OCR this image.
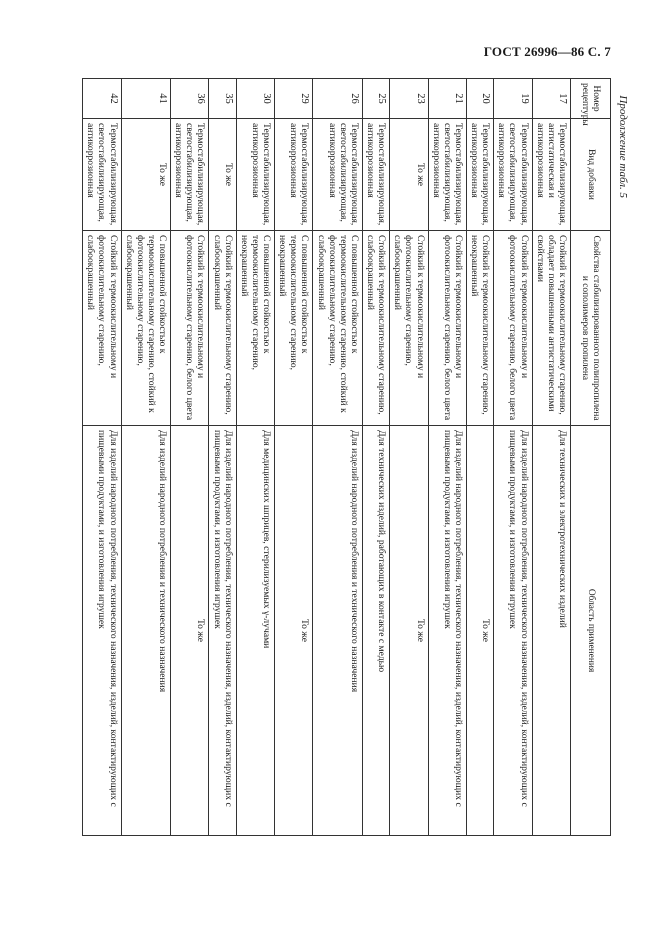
ГОСТ 26996—86 С. 7
Продолжение табл. 5
Номер рецептуры	Вид добавки	Свойства стабилизированного полипропилена и сополимеров пропилена	Область применения
17	Термостабилизирующая, антистатическая и антикоррозионная	Стойкий к термоокислительному старению, обладает повышенными антистатическими свойствами	Для технических и электротехнических изделий
19	Термостабилизирующая, светостабилизирующая, антикоррозионная	Стойкий к термоокислительному и фотоокислительному старению, белого цвета	Для изделий народного потребления, технического назначения, изделий, контактирующих с пищевыми продуктами, и изготовления игрушек
20	Термостабилизирующая, антикоррозионная	Стойкий к термоокислительному старению, неокрашенный	То же
21	Термостабилизирующая, светостабилизирующая, антикоррозионная	Стойкий к термоокислительному и фотоокислительному старению, белого цвета	Для изделий народного потребления, технического назначения, изделий, контактирующих с пищевыми продуктами, и изготовления игрушек
23	То же	Стойкий к термоокислительному и фотоокислительному старению, слабоокрашенный	То же
25	Термостабилизирующая, антикоррозионная	Стойкий к термоокислительному старению, слабоокрашенный	Для технических изделий, работающих в контакте с медью
26	Термостабилизирующая, светостабилизирующая, антикоррозионная	С повышенной стойкостью к термоокислительному старению, стойкий к фотоокислительному старению, слабоокрашенный	Для изделий народного потребления и технического назначения
29	Термостабилизирующая, антикоррозионная	С повышенной стойкостью к термоокислительному старению, неокрашенный	То же
30	Термостабилизирующая, антикоррозионная	С повышенной стойкостью к термоокислительному старению, неокрашенный	Для медицинских шприцев, стерилизуемых γ-лучами
35	То же	Стойкий к термоокислительному старению, слабоокрашенный	Для изделий народного потребления, технического назначения, изделий, контактирующих с пищевыми продуктами, и изготовления игрушек
36	Термостабилизирующая, светостабилизирующая, антикоррозионная	Стойкий к термоокислительному и фотоокислительному старению, белого цвета	То же
41	То же	С повышенной стойкостью к термоокислительному старению, стойкий к фотоокислительному старению, слабоокрашенный	Для изделий народного потребления и технического назначения
42	Термостабилизирующая, светостабилизирующая, антикоррозионная	Стойкий к термоокислительному и фотоокислительному старению, слабоокрашенный	Для изделий народного потребления, технического назначения, изделий, контактирующих с пищевыми продуктами, и изготовления игрушек
